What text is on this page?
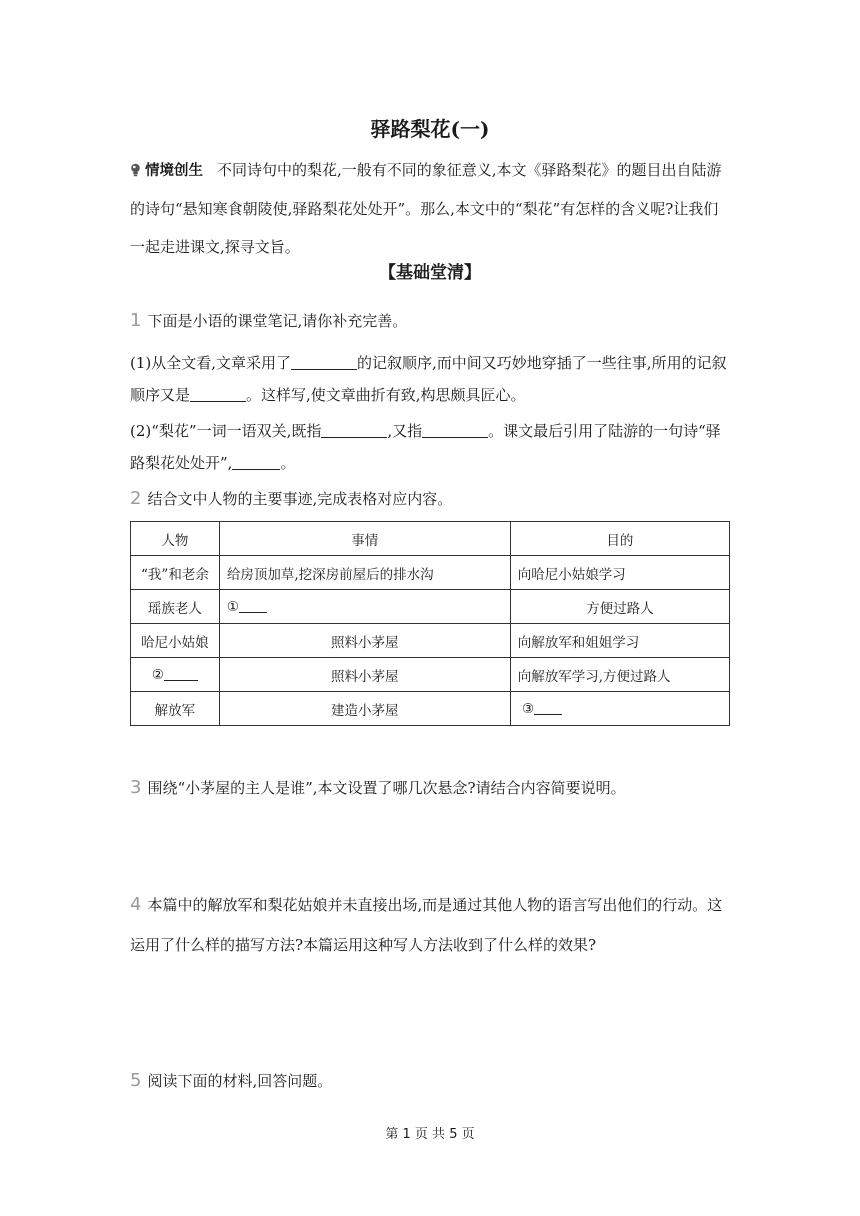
驿路梨花(一)
情境创生 不同诗句中的梨花,一般有不同的象征意义,本文《驿路梨花》的题目出自陆游的诗句“悬知寒食朝陵使,驿路梨花处处开”。那么,本文中的“梨花”有怎样的含义呢?让我们一起走进课文,探寻文旨。
【基础堂清】
1 下面是小语的课堂笔记,请你补充完善。
(1)从全文看,文章采用了	的记叙顺序,而中间又巧妙地穿插了一些往事,所用的记叙顺序又是	。这样写,使文章曲折有致,构思颇具匠心。
(2)“梨花”一词一语双关,既指	,又指	。课文最后引用了陆游的一句诗“驿路梨花处处开”,	。
2 结合文中人物的主要事迹,完成表格对应内容。
人物	事情	目的
“我”和老余	给房顶加草,挖深房前屋后的排水沟	向哈尼小姑娘学习
瑶族老人	①	方便过路人
哈尼小姑娘	照料小茅屋	向解放军和姐姐学习
②	照料小茅屋	向解放军学习,方便过路人
解放军	建造小茅屋	③
3 围绕“小茅屋的主人是谁”,本文设置了哪几次悬念?请结合内容简要说明。
4 本篇中的解放军和梨花姑娘并未直接出场,而是通过其他人物的语言写出他们的行动。这运用了什么样的描写方法?本篇运用这种写人方法收到了什么样的效果?
5 阅读下面的材料,回答问题。
第 1 页 共 5 页
